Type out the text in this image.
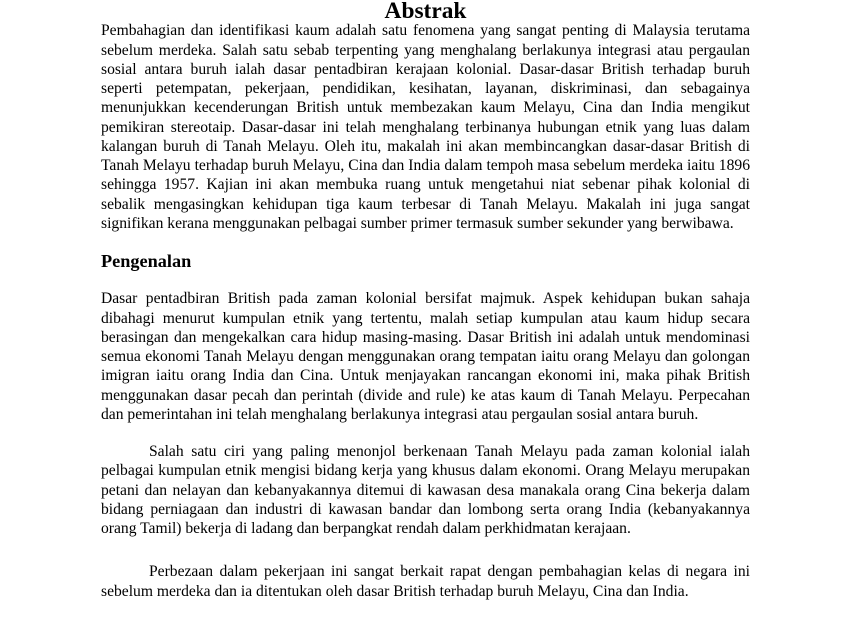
Abstrak

Pembahagian dan identifikasi kaum adalah satu fenomena yang sangat penting di Malaysia terutama sebelum merdeka. Salah satu sebab terpenting yang menghalang berlakunya integrasi atau pergaulan sosial antara buruh ialah dasar pentadbiran kerajaan kolonial. Dasar-dasar British terhadap buruh seperti petempatan, pekerjaan, pendidikan, kesihatan, layanan, diskriminasi, dan sebagainya menunjukkan kecenderungan British untuk membezakan kaum Melayu, Cina dan India mengikut pemikiran stereotaip. Dasar-dasar ini telah menghalang terbinanya hubungan etnik yang luas dalam kalangan buruh di Tanah Melayu. Oleh itu, makalah ini akan membincangkan dasar-dasar British di Tanah Melayu terhadap buruh Melayu, Cina dan India dalam tempoh masa sebelum merdeka iaitu 1896 sehingga 1957. Kajian ini akan membuka ruang untuk mengetahui niat sebenar pihak kolonial di sebalik mengasingkan kehidupan tiga kaum terbesar di Tanah Melayu. Makalah ini juga sangat signifikan kerana menggunakan pelbagai sumber primer termasuk sumber sekunder yang berwibawa.

Pengenalan

Dasar pentadbiran British pada zaman kolonial bersifat majmuk. Aspek kehidupan bukan sahaja dibahagi menurut kumpulan etnik yang tertentu, malah setiap kumpulan atau kaum hidup secara berasingan dan mengekalkan cara hidup masing-masing. Dasar British ini adalah untuk mendominasi semua ekonomi Tanah Melayu dengan menggunakan orang tempatan iaitu orang Melayu dan golongan imigran iaitu orang India dan Cina. Untuk menjayakan rancangan ekonomi ini, maka pihak British menggunakan dasar pecah dan perintah (divide and rule) ke atas kaum di Tanah Melayu. Perpecahan dan pemerintahan ini telah menghalang berlakunya integrasi atau pergaulan sosial antara buruh.

Salah satu ciri yang paling menonjol berkenaan Tanah Melayu pada zaman kolonial ialah pelbagai kumpulan etnik mengisi bidang kerja yang khusus dalam ekonomi. Orang Melayu merupakan petani dan nelayan dan kebanyakannya ditemui di kawasan desa manakala orang Cina bekerja dalam bidang perniagaan dan industri di kawasan bandar dan lombong serta orang India (kebanyakannya orang Tamil) bekerja di ladang dan berpangkat rendah dalam perkhidmatan kerajaan.

Perbezaan dalam pekerjaan ini sangat berkait rapat dengan pembahagian kelas di negara ini sebelum merdeka dan ia ditentukan oleh dasar British terhadap buruh Melayu, Cina dan India.
